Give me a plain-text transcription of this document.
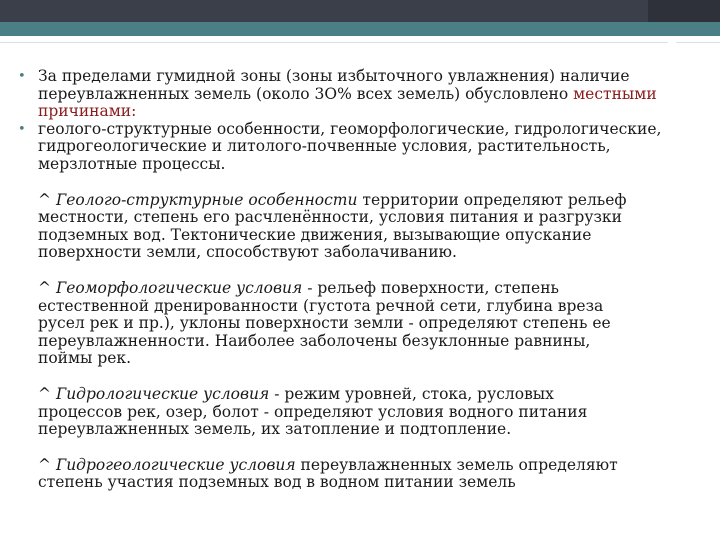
• За пределами гумидной зоны (зоны избыточного увлажнения) наличие переувлажненных земель (около 3О% всех земель) обусловлено местными причинами:
• геолого-структурные особенности, геоморфологические, гидрологические, гидрогеологические и литолого-почвенные условия, растительность, мерзлотные процессы.
^ Геолого-структурные особенности территории определяют рельеф местности, степень его расчленённости, условия питания и разгрузки подземных вод. Тектонические движения, вызывающие опускание поверхности земли, способствуют заболачиванию.
^ Геоморфологические условия - рельеф поверхности, степень естественной дренированности (густота речной сети, глубина вреза русел рек и пр.), уклоны поверхности земли - определяют степень ее переувлажненности. Наиболее заболочены безуклонные равнины, поймы рек.
^ Гидрологические условия - режим уровней, стока, русловых процессов рек, озер, болот - определяют условия водного питания переувлажненных земель, их затопление и подтопление.
^ Гидрогеологические условия переувлажненных земель определяют степень участия подземных вод в водном питании земель
